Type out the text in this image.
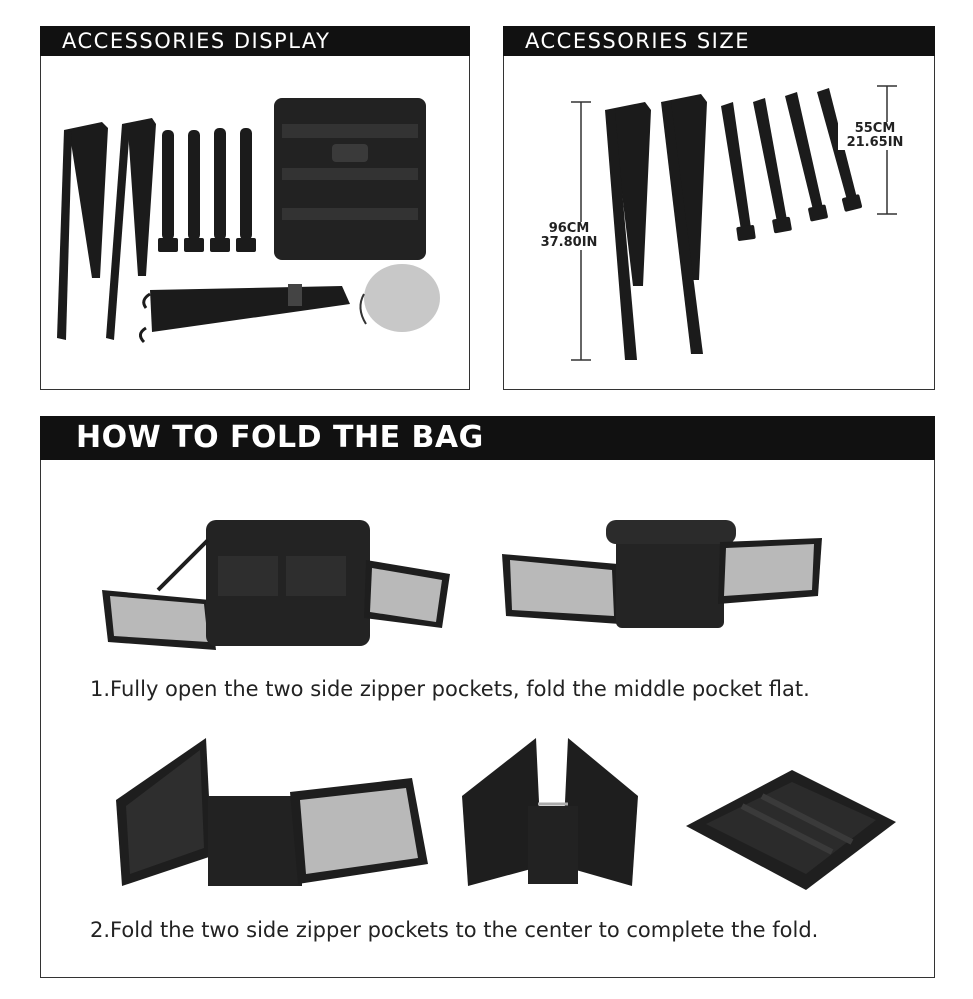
ACCESSORIES DISPLAY	ACCESSORIES SIZE
96CM
37.80IN
55CM
21.65IN
HOW TO FOLD THE BAG
1.Fully open the two side zipper pockets, fold the middle pocket flat.
2.Fold the two side zipper pockets to the center to complete the fold.
